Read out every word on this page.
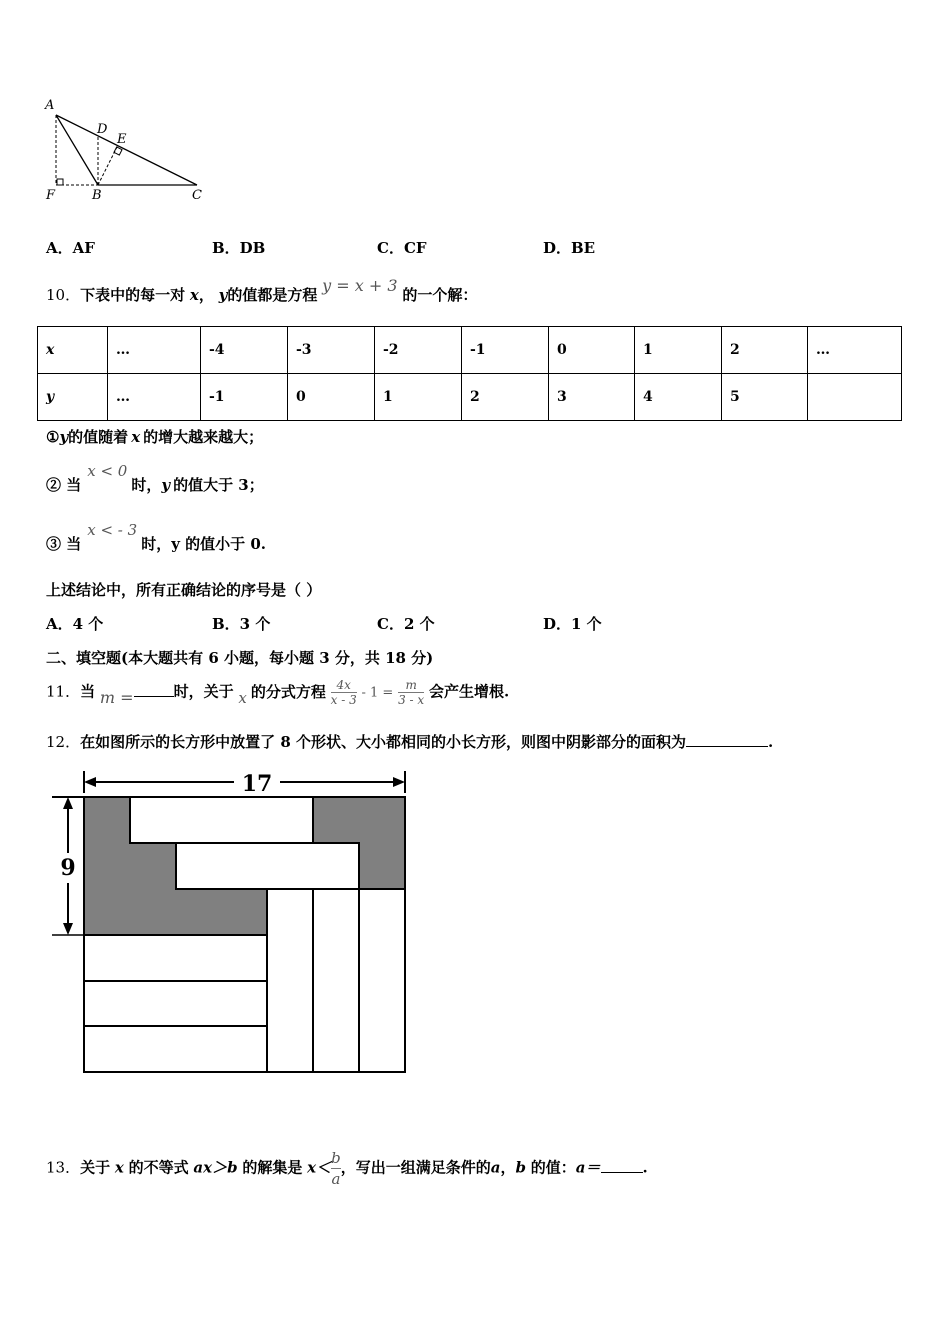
A
D
E
F	B	C
A．AF	B．DB	C．CF	D．BE
10．下表中的每一对 x， y的值都是方程 y = x + 3 的一个解：
x	…	-4	-3	-2	-1	0	1	2	…
y	…	-1	0	1	2	3	4	5	
①y的值随着 x 的增大越来越大；
② 当x < 0时，y 的值大于 3；
③ 当x < - 3时，y 的值小于 0.
上述结论中，所有正确结论的序号是（ ）
A．4 个	B．3 个	C．2 个	D．1 个
二、填空题(本大题共有 6 小题，每小题 3 分，共 18 分)
11．当 m =	时，关于 x 的分式方程 $\frac{4x}{x - 3} - 1 = \frac{m}{3 - x}$ 会产生增根.
12．在如图所示的长方形中放置了 8 个形状、大小都相同的小长方形，则图中阴影部分的面积为	.
17
9
13．关于 x 的不等式 ax＞b 的解集是 $x< \frac{b}{a}$ ，写出一组满足条件的a，b 的值：a＝	.
